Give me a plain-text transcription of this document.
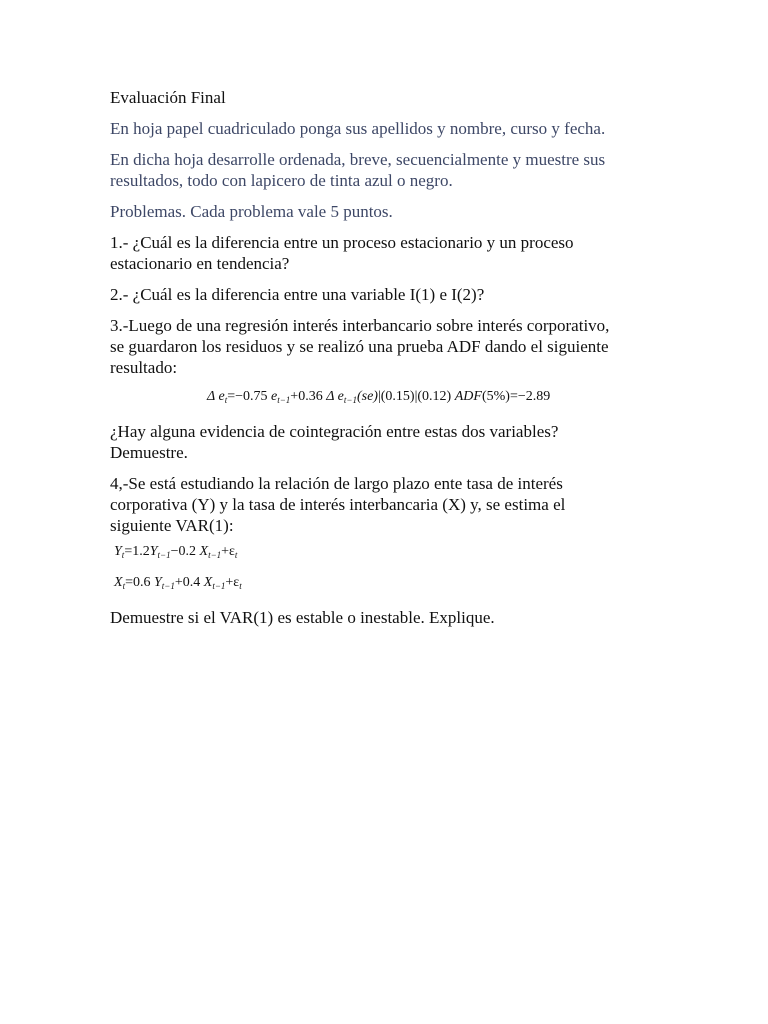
Evaluación Final
En hoja papel cuadriculado ponga sus apellidos y nombre, curso y fecha.
En dicha hoja desarrolle ordenada, breve, secuencialmente y muestre sus
resultados, todo con lapicero de tinta azul o negro.
Problemas. Cada problema vale 5 puntos.
1.- ¿Cuál es la diferencia entre un proceso estacionario y un proceso
estacionario en tendencia?
2.- ¿Cuál es la diferencia entre una variable I(1) e I(2)?
3.-Luego de una regresión interés interbancario sobre interés corporativo,
se guardaron los residuos y se realizó una prueba ADF dando el siguiente
resultado:
Δ $e_t=-0.75$ $e_{t-1}+0.36$ Δ $e_{t-1}(se)|(0.15)|(0.12)$ ADF(5%)=−2.89
¿Hay alguna evidencia de cointegración entre estas dos variables?
Demuestre.
4,-Se está estudiando la relación de largo plazo ente tasa de interés
corporativa (Y) y la tasa de interés interbancaria (X) y, se estima el
siguiente VAR(1):
$Y_t=1.2Y_{t-1}-0.2$ $X_{t-1}+\varepsilon_t$
$X_t=0.6$ $Y_{t-1}+0.4$ $X_{t-1}+\varepsilon_t$
Demuestre si el VAR(1) es estable o inestable. Explique.
